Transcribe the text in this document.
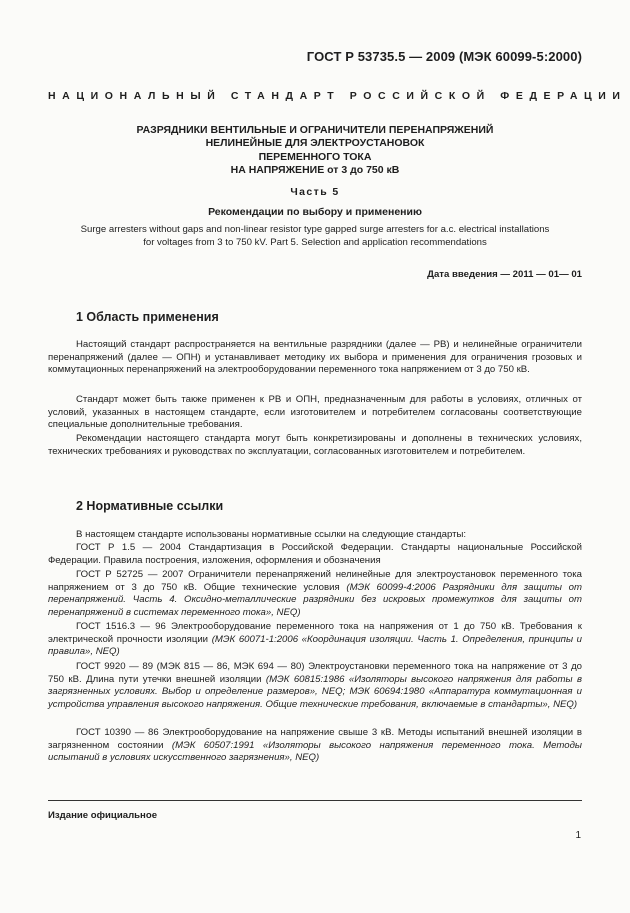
ГОСТ Р 53735.5 — 2009 (МЭК 60099-5:2000)
НАЦИОНАЛЬНЫЙ СТАНДАРТ РОССИЙСКОЙ ФЕДЕРАЦИИ
РАЗРЯДНИКИ ВЕНТИЛЬНЫЕ И ОГРАНИЧИТЕЛИ ПЕРЕНАПРЯЖЕНИЙ
НЕЛИНЕЙНЫЕ ДЛЯ ЭЛЕКТРОУСТАНОВОК
ПЕРЕМЕННОГО ТОКА
НА НАПРЯЖЕНИЕ от 3 до 750 кВ
Часть 5
Рекомендации по выбору и применению
Surge arresters without gaps and non-linear resistor type gapped surge arresters for a.c. electrical installations
for voltages from 3 to 750 kV. Part 5. Selection and application recommendations
Дата введения — 2011 — 01— 01
1 Область применения
Настоящий стандарт распространяется на вентильные разрядники (далее — РВ) и нелинейные ограничители перенапряжений (далее — ОПН) и устанавливает методику их выбора и применения для ограничения грозовых и коммутационных перенапряжений на электрооборудовании переменного тока напряжением от 3 до 750 кВ.
Стандарт может быть также применен к РВ и ОПН, предназначенным для работы в условиях, отличных от условий, указанных в настоящем стандарте, если изготовителем и потребителем согласованы соответствующие специальные дополнительные требования.
Рекомендации настоящего стандарта могут быть конкретизированы и дополнены в технических условиях, технических требованиях и руководствах по эксплуатации, согласованных изготовителем и потребителем.
2 Нормативные ссылки
В настоящем стандарте использованы нормативные ссылки на следующие стандарты:
ГОСТ Р 1.5 — 2004 Стандартизация в Российской Федерации. Стандарты национальные Российской Федерации. Правила построения, изложения, оформления и обозначения
ГОСТ Р 52725 — 2007 Ограничители перенапряжений нелинейные для электроустановок переменного тока напряжением от 3 до 750 кВ. Общие технические условия (МЭК 60099-4:2006 Разрядники для защиты от перенапряжений. Часть 4. Оксидно-металлические разрядники без искровых промежутков для защиты от перенапряжений в системах переменного тока», NEQ)
ГОСТ 1516.3 — 96 Электрооборудование переменного тока на напряжения от 1 до 750 кВ. Требования к электрической прочности изоляции (МЭК 60071-1:2006 «Координация изоляции. Часть 1. Определения, принципы и правила», NEQ)
ГОСТ 9920 — 89 (МЭК 815 — 86, МЭК 694 — 80) Электроустановки переменного тока на напряжение от 3 до 750 кВ. Длина пути утечки внешней изоляции (МЭК 60815:1986 «Изоляторы высокого напряжения для работы в загрязненных условиях. Выбор и определение размеров», NEQ; МЭК 60694:1980 «Аппаратура коммутационная и устройства управления высокого напряжения. Общие технические требования, включаемые в стандарты», NEQ)
ГОСТ 10390 — 86 Электрооборудование на напряжение свыше 3 кВ. Методы испытаний внешней изоляции в загрязненном состоянии (МЭК 60507:1991 «Изоляторы высокого напряжения переменного тока. Методы испытаний в условиях искусственного загрязнения», NEQ)
Издание официальное
1
